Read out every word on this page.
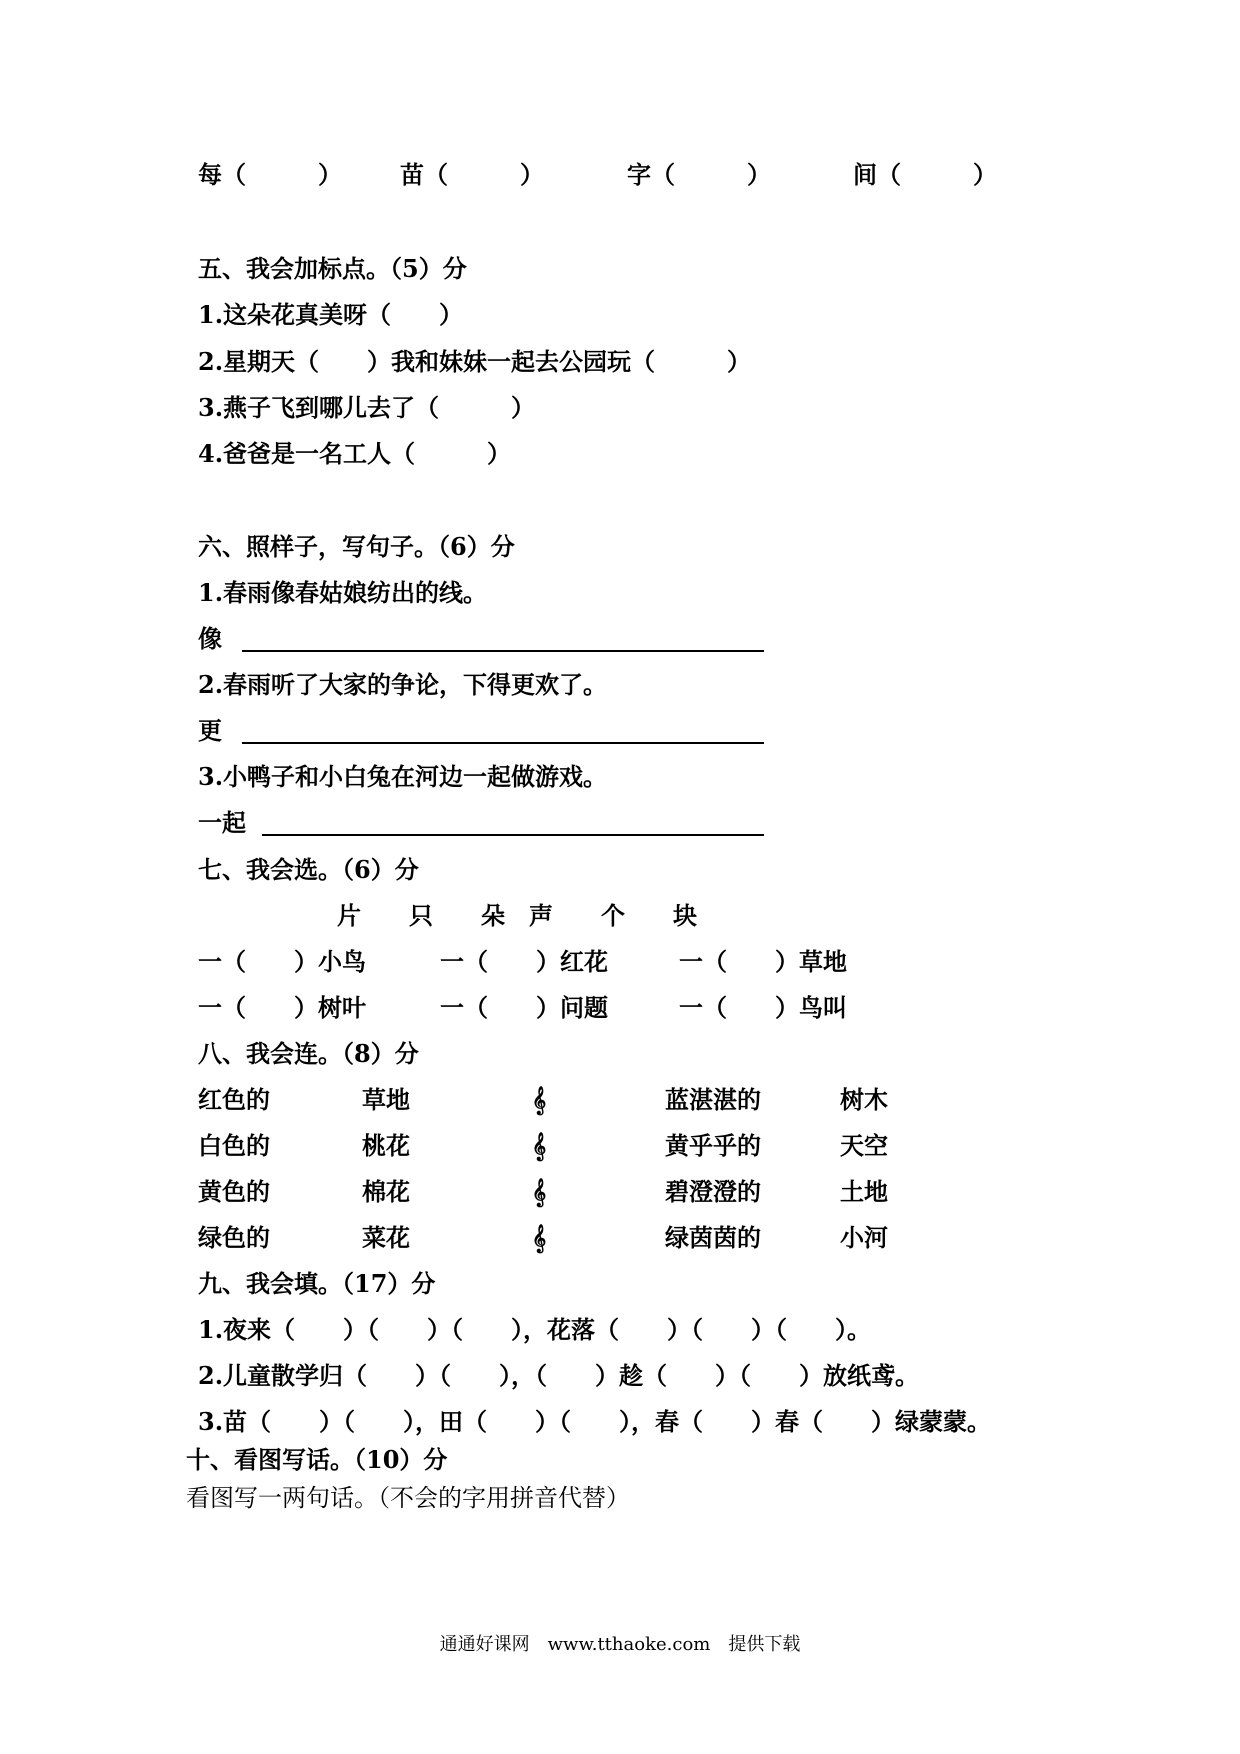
每（　　　） 苗（　　　）	字（　　　）	间（　　　）
五、我会加标点。（5）分
1.这朵花真美呀（　　）
2.星期天（　　）我和妹妹一起去公园玩（　　　）
3.燕子飞到哪儿去了（　　　）
4.爸爸是一名工人（　　　）
六、照样子，写句子。（6）分
1.春雨像春姑娘纺出的线。
像
2.春雨听了大家的争论，下得更欢了。
更
3.小鸭子和小白兔在河边一起做游戏。
一起
七、我会选。（6）分
片　　只　　朵　声　　个　　块
一（　　）小鸟	一（　　）红花	一（　　）草地
一（　　）树叶	一（　　）问题	一（　　）鸟叫
八、我会连。（8）分
红色的	草地	𝄞	蓝湛湛的	树木
白色的	桃花	𝄞	黄乎乎的	天空
黄色的	棉花	𝄞	碧澄澄的	土地
绿色的	菜花	𝄞	绿茵茵的	小河
九、我会填。（17）分
1.夜来（　　）（　　）（　　），花落（　　）（　　）（　　）。
2.儿童散学归（　　）（　　），（　　）趁（　　）（　　）放纸鸢。
3.苗（　　）（　　），田（　　）（　　），春（　　）春（　　）绿蒙蒙。
十、看图写话。（10）分
看图写一两句话。（不会的字用拼音代替）
通通好课网　www.tthaoke.com　提供下载
